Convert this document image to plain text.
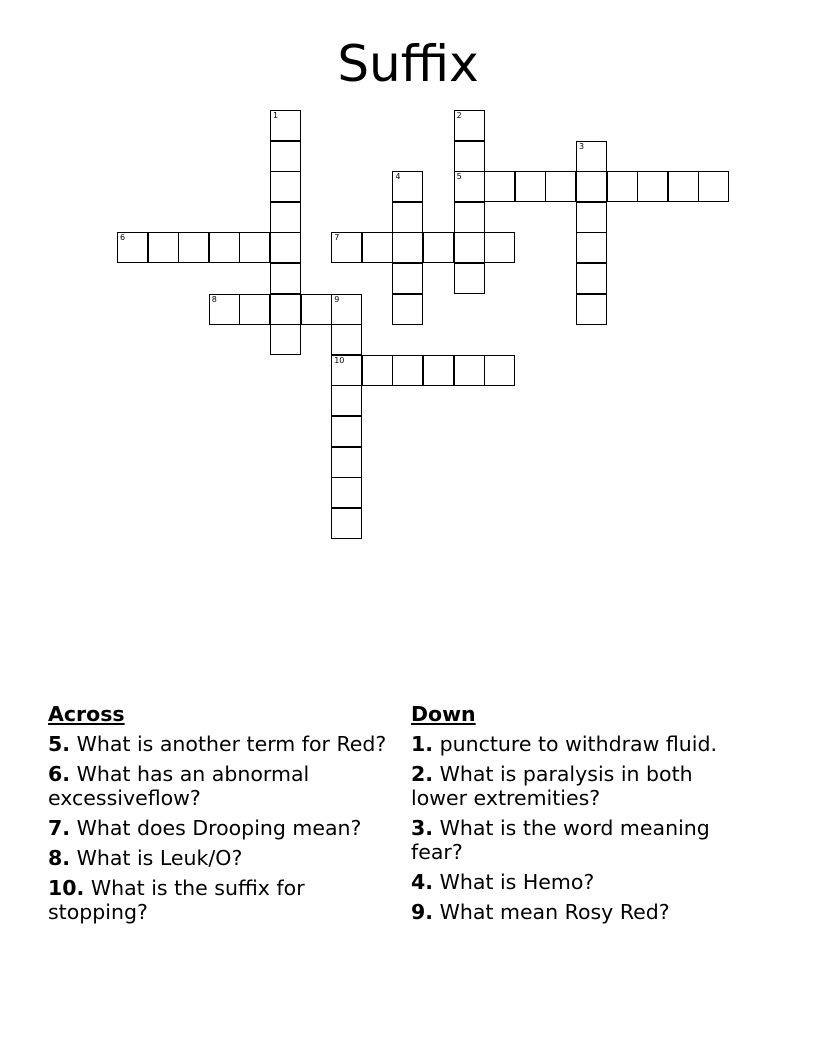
Suffix
1	2
5
3
4
6	7
8	9
10
Across
5. What is another term for Red?
6. What has an abnormal excessiveflow?
7. What does Drooping mean?
8. What is Leuk/O?
10. What is the suffix for stopping?
Down
1. puncture to withdraw fluid.
2. What is paralysis in both lower extremities?
3. What is the word meaning fear?
4. What is Hemo?
9. What mean Rosy Red?
